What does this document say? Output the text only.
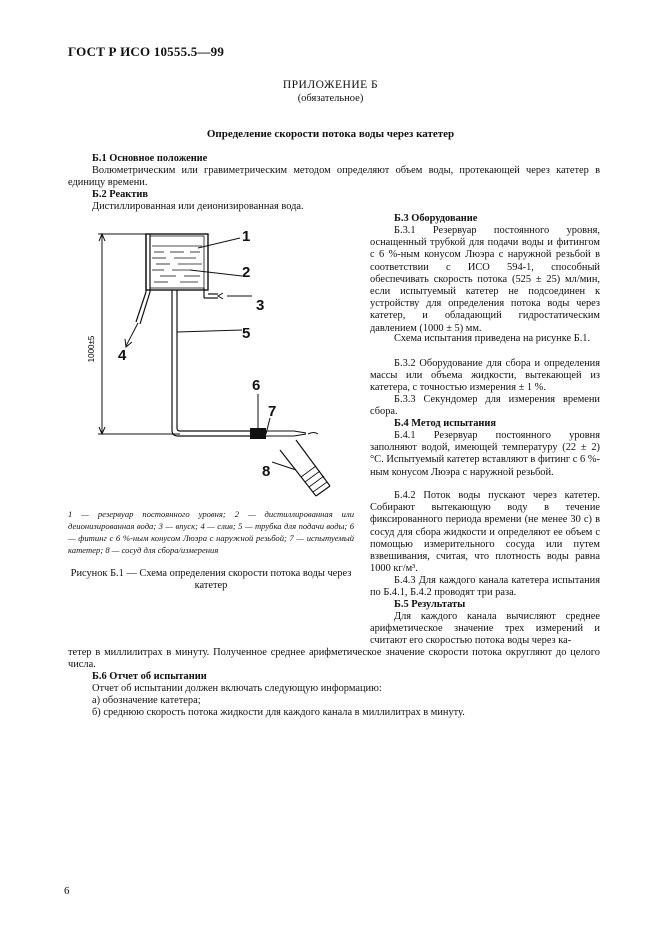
ГОСТ Р ИСО 10555.5—99
ПРИЛОЖЕНИЕ Б
(обязательное)
Определение скорости потока воды через катетер
Б.1 Основное положение
Волюметрическим или гравиметрическим методом определяют объем воды, протекающей через катетер в единицу времени.
Б.2 Реактив
Дистиллированная или деионизированная вода.
1000±5
1
2
3
4
5
6
7
8
1 — резервуар постоянного уровня; 2 — дистиллированная или деионизированная вода; 3 — впуск; 4 — слив; 5 — трубка для подачи воды; 6 — фитинг с 6 %-ным конусом Люэра с наружной резьбой; 7 — испытуемый катетер; 8 — сосуд для сбора/измерения
Рисунок Б.1 — Схема определения скорости потока воды через катетер
Б.3 Оборудование
Б.3.1 Резервуар постоянного уровня, оснащенный трубкой для подачи воды и фитингом с 6 %-ным конусом Люэра с наружной резьбой в соответствии с ИСО 594-1, способный обеспечивать скорость потока (525 ± 25) мл/мин, если испытуемый катетер не подсоединен к устройству для определения потока воды через катетер, и обладающий гидростатическим давлением (1000 ± 5) мм.
Схема испытания приведена на рисунке Б.1.
Б.3.2 Оборудование для сбора и определения массы или объема жидкости, вытекающей из катетера, с точностью измерения ± 1 %.
Б.3.3 Секундомер для измерения времени сбора.
Б.4 Метод испытания
Б.4.1 Резервуар постоянного уровня заполняют водой, имеющей температуру (22 ± 2) °С. Испытуемый катетер вставляют в фитинг с 6 %-ным конусом Люэра с наружной резьбой.
Б.4.2 Поток воды пускают через катетер. Собирают вытекающую воду в течение фиксированного периода времени (не менее 30 с) в сосуд для сбора жидкости и определяют ее объем с помощью измерительного сосуда или путем взвешивания, считая, что плотность воды равна 1000 кг/м³.
Б.4.3 Для каждого канала катетера испытания по Б.4.1, Б.4.2 проводят три раза.
Б.5 Результаты
Для каждого канала вычисляют среднее арифметическое значение трех измерений и считают его скоростью потока воды через ка-
тетер в миллилитрах в минуту. Полученное среднее арифметическое значение скорости потока округляют до целого числа.
Б.6 Отчет об испытании
Отчет об испытании должен включать следующую информацию:
а) обозначение катетера;
б) среднюю скорость потока жидкости для каждого канала в миллилитрах в минуту.
6
